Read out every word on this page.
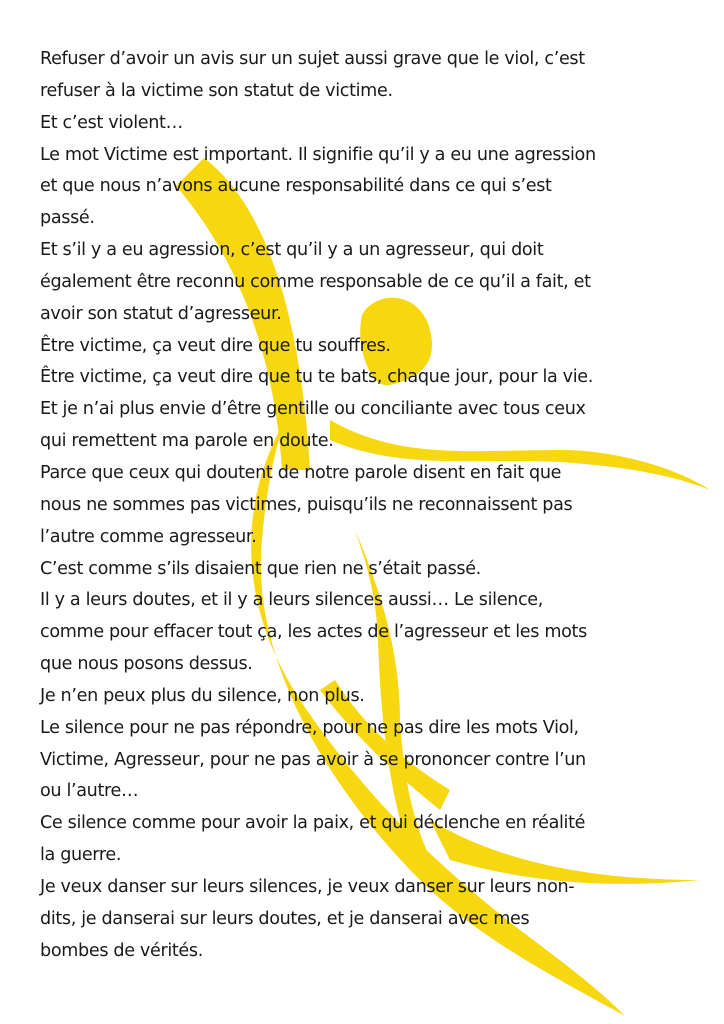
Refuser d’avoir un avis sur un sujet aussi grave que le viol, c’est
refuser à la victime son statut de victime.
Et c’est violent…
Le mot Victime est important. Il signifie qu’il y a eu une agression
et que nous n’avons aucune responsabilité dans ce qui s’est
passé.
Et s’il y a eu agression, c’est qu’il y a un agresseur, qui doit
également être reconnu comme responsable de ce qu’il a fait, et
avoir son statut d’agresseur.
Être victime, ça veut dire que tu souffres.
Être victime, ça veut dire que tu te bats, chaque jour, pour la vie.
Et je n’ai plus envie d’être gentille ou conciliante avec tous ceux
qui remettent ma parole en doute.
Parce que ceux qui doutent de notre parole disent en fait que
nous ne sommes pas victimes, puisqu’ils ne reconnaissent pas
l’autre comme agresseur.
C’est comme s’ils disaient que rien ne s’était passé.
Il y a leurs doutes, et il y a leurs silences aussi… Le silence,
comme pour effacer tout ça, les actes de l’agresseur et les mots
que nous posons dessus.
Je n’en peux plus du silence, non plus.
Le silence pour ne pas répondre, pour ne pas dire les mots Viol,
Victime, Agresseur, pour ne pas avoir à se prononcer contre l’un
ou l’autre…
Ce silence comme pour avoir la paix, et qui déclenche en réalité
la guerre.
Je veux danser sur leurs silences, je veux danser sur leurs non-
dits, je danserai sur leurs doutes, et je danserai avec mes
bombes de vérités.
